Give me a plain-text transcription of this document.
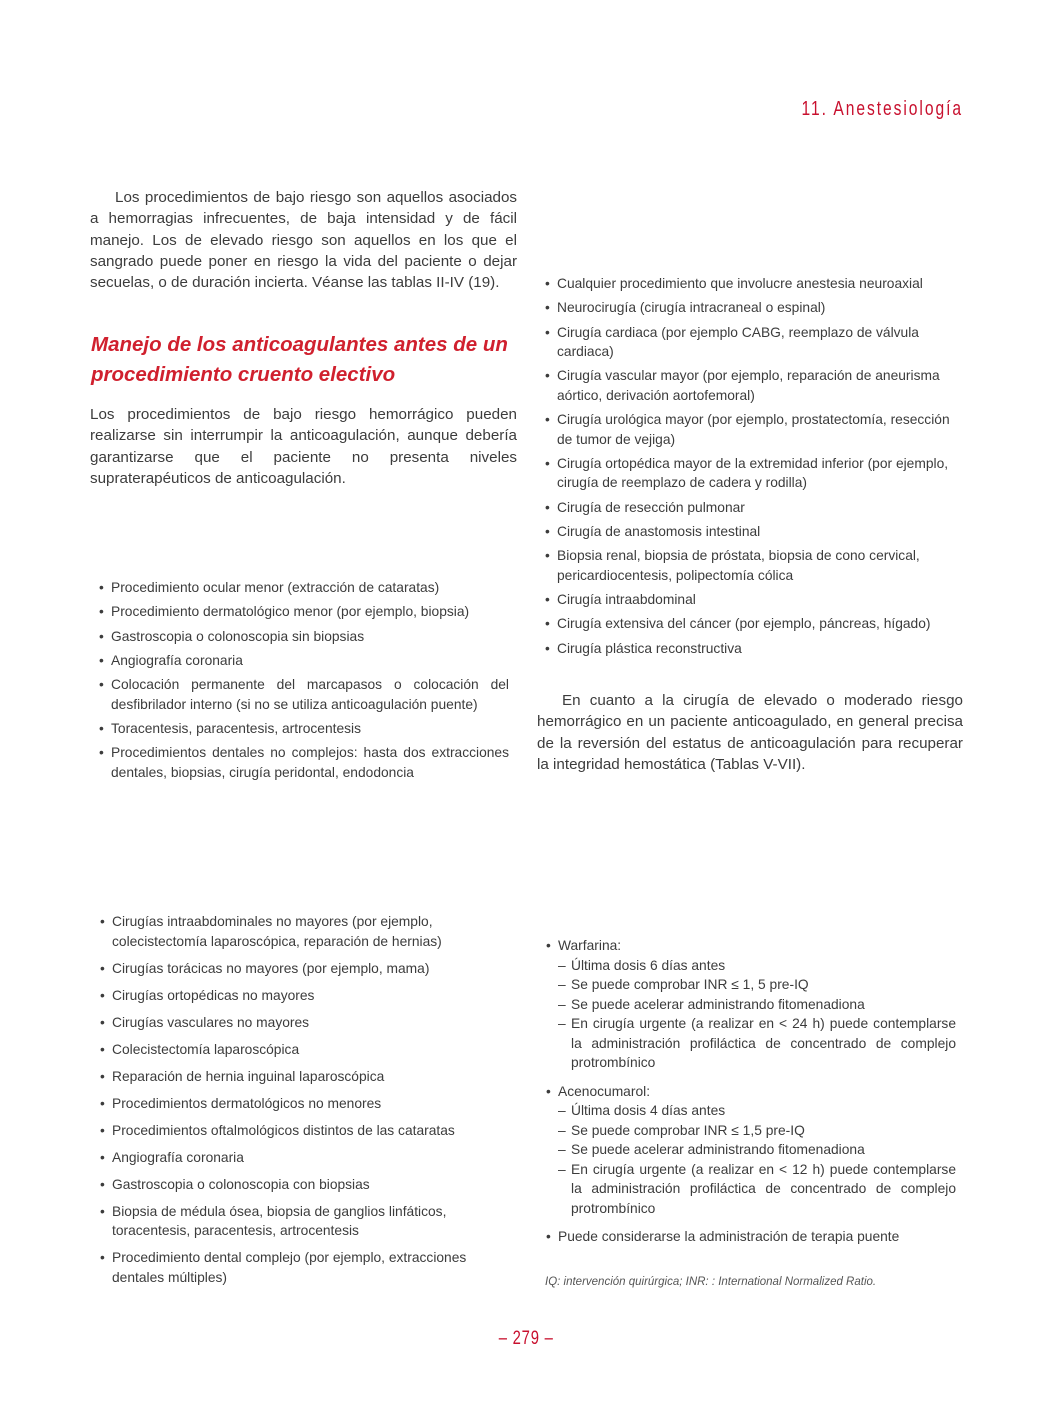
11. Anestesiología

Los procedimientos de bajo riesgo son aquellos asociados a hemorragias infrecuentes, de baja intensidad y de fácil manejo. Los de elevado riesgo son aquellos en los que el sangrado puede poner en riesgo la vida del paciente o dejar secuelas, o de duración incierta. Véanse las tablas II-IV (19).

Manejo de los anticoagulantes antes de un procedimiento cruento electivo

Los procedimientos de bajo riesgo hemorrágico pueden realizarse sin interrumpir la anticoagulación, aunque debería garantizarse que el paciente no presenta niveles supraterapéuticos de anticoagulación.

• Procedimiento ocular menor (extracción de cataratas)
• Procedimiento dermatológico menor (por ejemplo, biopsia)
• Gastroscopia o colonoscopia sin biopsias
• Angiografía coronaria
• Colocación permanente del marcapasos o colocación del desfibrilador interno (si no se utiliza anticoagulación puente)
• Toracentesis, paracentesis, artrocentesis
• Procedimientos dentales no complejos: hasta dos extracciones dentales, biopsias, cirugía peridontal, endodoncia
• Cualquier procedimiento que involucre anestesia neuroaxial
• Neurocirugía (cirugía intracraneal o espinal)
• Cirugía cardiaca (por ejemplo CABG, reemplazo de válvula cardiaca)
• Cirugía vascular mayor (por ejemplo, reparación de aneurisma aórtico, derivación aortofemoral)
• Cirugía urológica mayor (por ejemplo, prostatectomía, resección de tumor de vejiga)
• Cirugía ortopédica mayor de la extremidad inferior (por ejemplo, cirugía de reemplazo de cadera y rodilla)
• Cirugía de resección pulmonar
• Cirugía de anastomosis intestinal
• Biopsia renal, biopsia de próstata, biopsia de cono cervical, pericardiocentesis, polipectomía cólica
• Cirugía intraabdominal
• Cirugía extensiva del cáncer (por ejemplo, páncreas, hígado)
• Cirugía plástica reconstructiva

En cuanto a la cirugía de elevado o moderado riesgo hemorrágico en un paciente anticoagulado, en general precisa de la reversión del estatus de anticoagulación para recuperar la integridad hemostática (Tablas V-VII).

• Cirugías intraabdominales no mayores (por ejemplo, colecistectomía laparoscópica, reparación de hernias)
• Cirugías torácicas no mayores (por ejemplo, mama)
• Cirugías ortopédicas no mayores
• Cirugías vasculares no mayores
• Colecistectomía laparoscópica
• Reparación de hernia inguinal laparoscópica
• Procedimientos dermatológicos no menores
• Procedimientos oftalmológicos distintos de las cataratas
• Angiografía coronaria
• Gastroscopia o colonoscopia con biopsias
• Biopsia de médula ósea, biopsia de ganglios linfáticos, toracentesis, paracentesis, artrocentesis
• Procedimiento dental complejo (por ejemplo, extracciones dentales múltiples)
• Warfarina:
– Última dosis 6 días antes
– Se puede comprobar INR ≤ 1, 5 pre-IQ
– Se puede acelerar administrando fitomenadiona
– En cirugía urgente (a realizar en < 24 h) puede contemplarse la administración profiláctica de concentrado de complejo protrombínico
• Acenocumarol:
– Última dosis 4 días antes
– Se puede comprobar INR ≤ 1,5 pre-IQ
– Se puede acelerar administrando fitomenadiona
– En cirugía urgente (a realizar en < 12 h) puede contemplarse la administración profiláctica de concentrado de complejo protrombínico
• Puede considerarse la administración de terapia puente

IQ: intervención quirúrgica; INR: : International Normalized Ratio.

– 279 –
